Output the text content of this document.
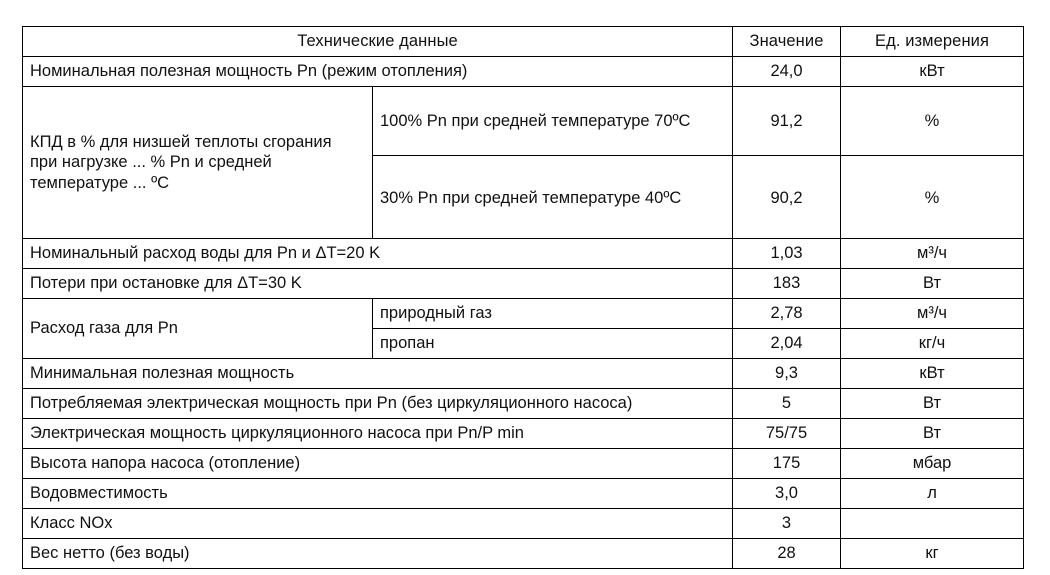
Технические данные		Значение	Ед. измерения
Номинальная полезная мощность Pn (режим отопления)		24,0	кВт

КПД в % для низшей теплоты сгорания
при нагрузке ... % Pn и средней
температуре ... ºC	100% Pn при средней температуре 70ºC	91,2	%
	30% Pn при средней температуре 40ºC	90,2	%
Номинальный расход воды для Pn и ΔT=20 K		1,03	м³/ч
Потери при остановке для ΔT=30 K		183	Вт
Расход газа для Pn	природный газ	2,78	м³/ч
	пропан	2,04	кг/ч
Минимальная полезная мощность		9,3	кВт
Потребляемая электрическая мощность при Pn (без циркуляционного насоса)		5	Вт
Электрическая мощность циркуляционного насоса при Pn/P min		75/75	Вт
Высота напора насоса (отопление)		175	мбар
Водовместимость		3,0	л
Класс NOx		3	
Вес нетто (без воды)		28	кг
